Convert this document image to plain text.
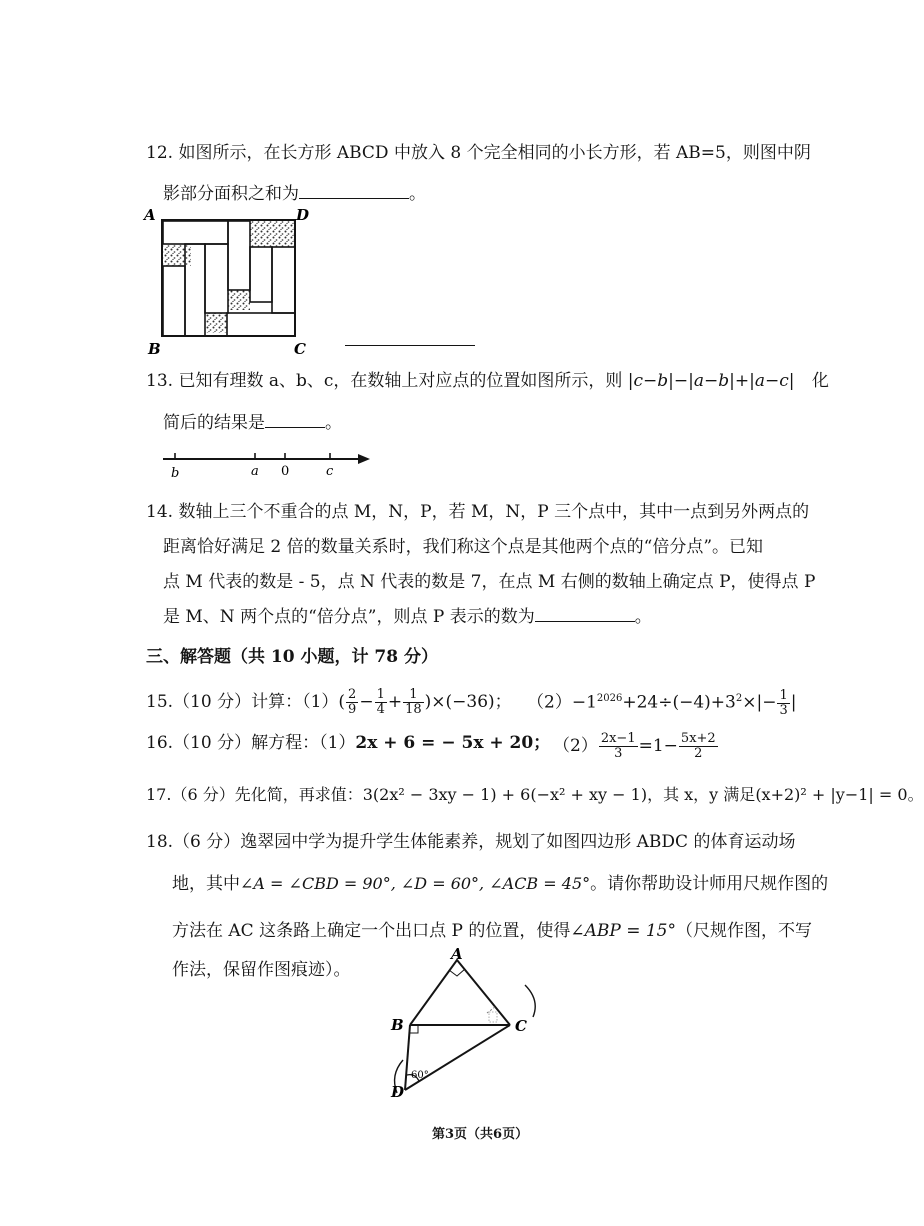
12. 如图所示，在长方形 ABCD 中放入 8 个完全相同的小长方形，若 AB=5，则图中阴
影部分面积之和为	。
A	D
B	C
13. 已知有理数 a、b、c，在数轴上对应点的位置如图所示，则 |c−b|−|a−b|+|a−c| 化
简后的结果是	。
b	a 0	c
14. 数轴上三个不重合的点 M，N，P，若 M，N，P 三个点中，其中一点到另外两点的
距离恰好满足 2 倍的数量关系时，我们称这个点是其他两个点的“倍分点”。已知
点 M 代表的数是 - 5，点 N 代表的数是 7，在点 M 右侧的数轴上确定点 P，使得点 P
是 M、N 两个点的“倍分点”，则点 P 表示的数为	。
三、解答题（共 10 小题，计 78 分）
15.（10 分）计算：$(1)( \frac{2}{9} - \frac{1}{4} + \frac{1}{18} )\times(-36)$； $(2)-1^{2026}+24\div(-4)+3^2\times|- \frac{1}{3}$ |
16.（10 分）解方程：（1）2x + 6 = − 5x + 20； $(2) \frac{2x-1}{3} =1- \frac{5x+2}{2}$
17.（6 分）先化简，再求值：3(2x² − 3xy − 1) + 6(−x² + xy − 1)，其 x，y 满足(x+2)² + |y−1| = 0。
18.（6 分）逸翠园中学为提升学生体能素养，规划了如图四边形 ABDC 的体育运动场
地，其中∠A = ∠CBD = 90°, ∠D = 60°, ∠ACB = 45°。请你帮助设计师用尺规作图的
方法在 AC 这条路上确定一个出口点 P 的位置，使得∠ABP = 15°（尺规作图，不写
作法，保留作图痕迹）。
A
B	C
D
60°
第3页（共6页）
